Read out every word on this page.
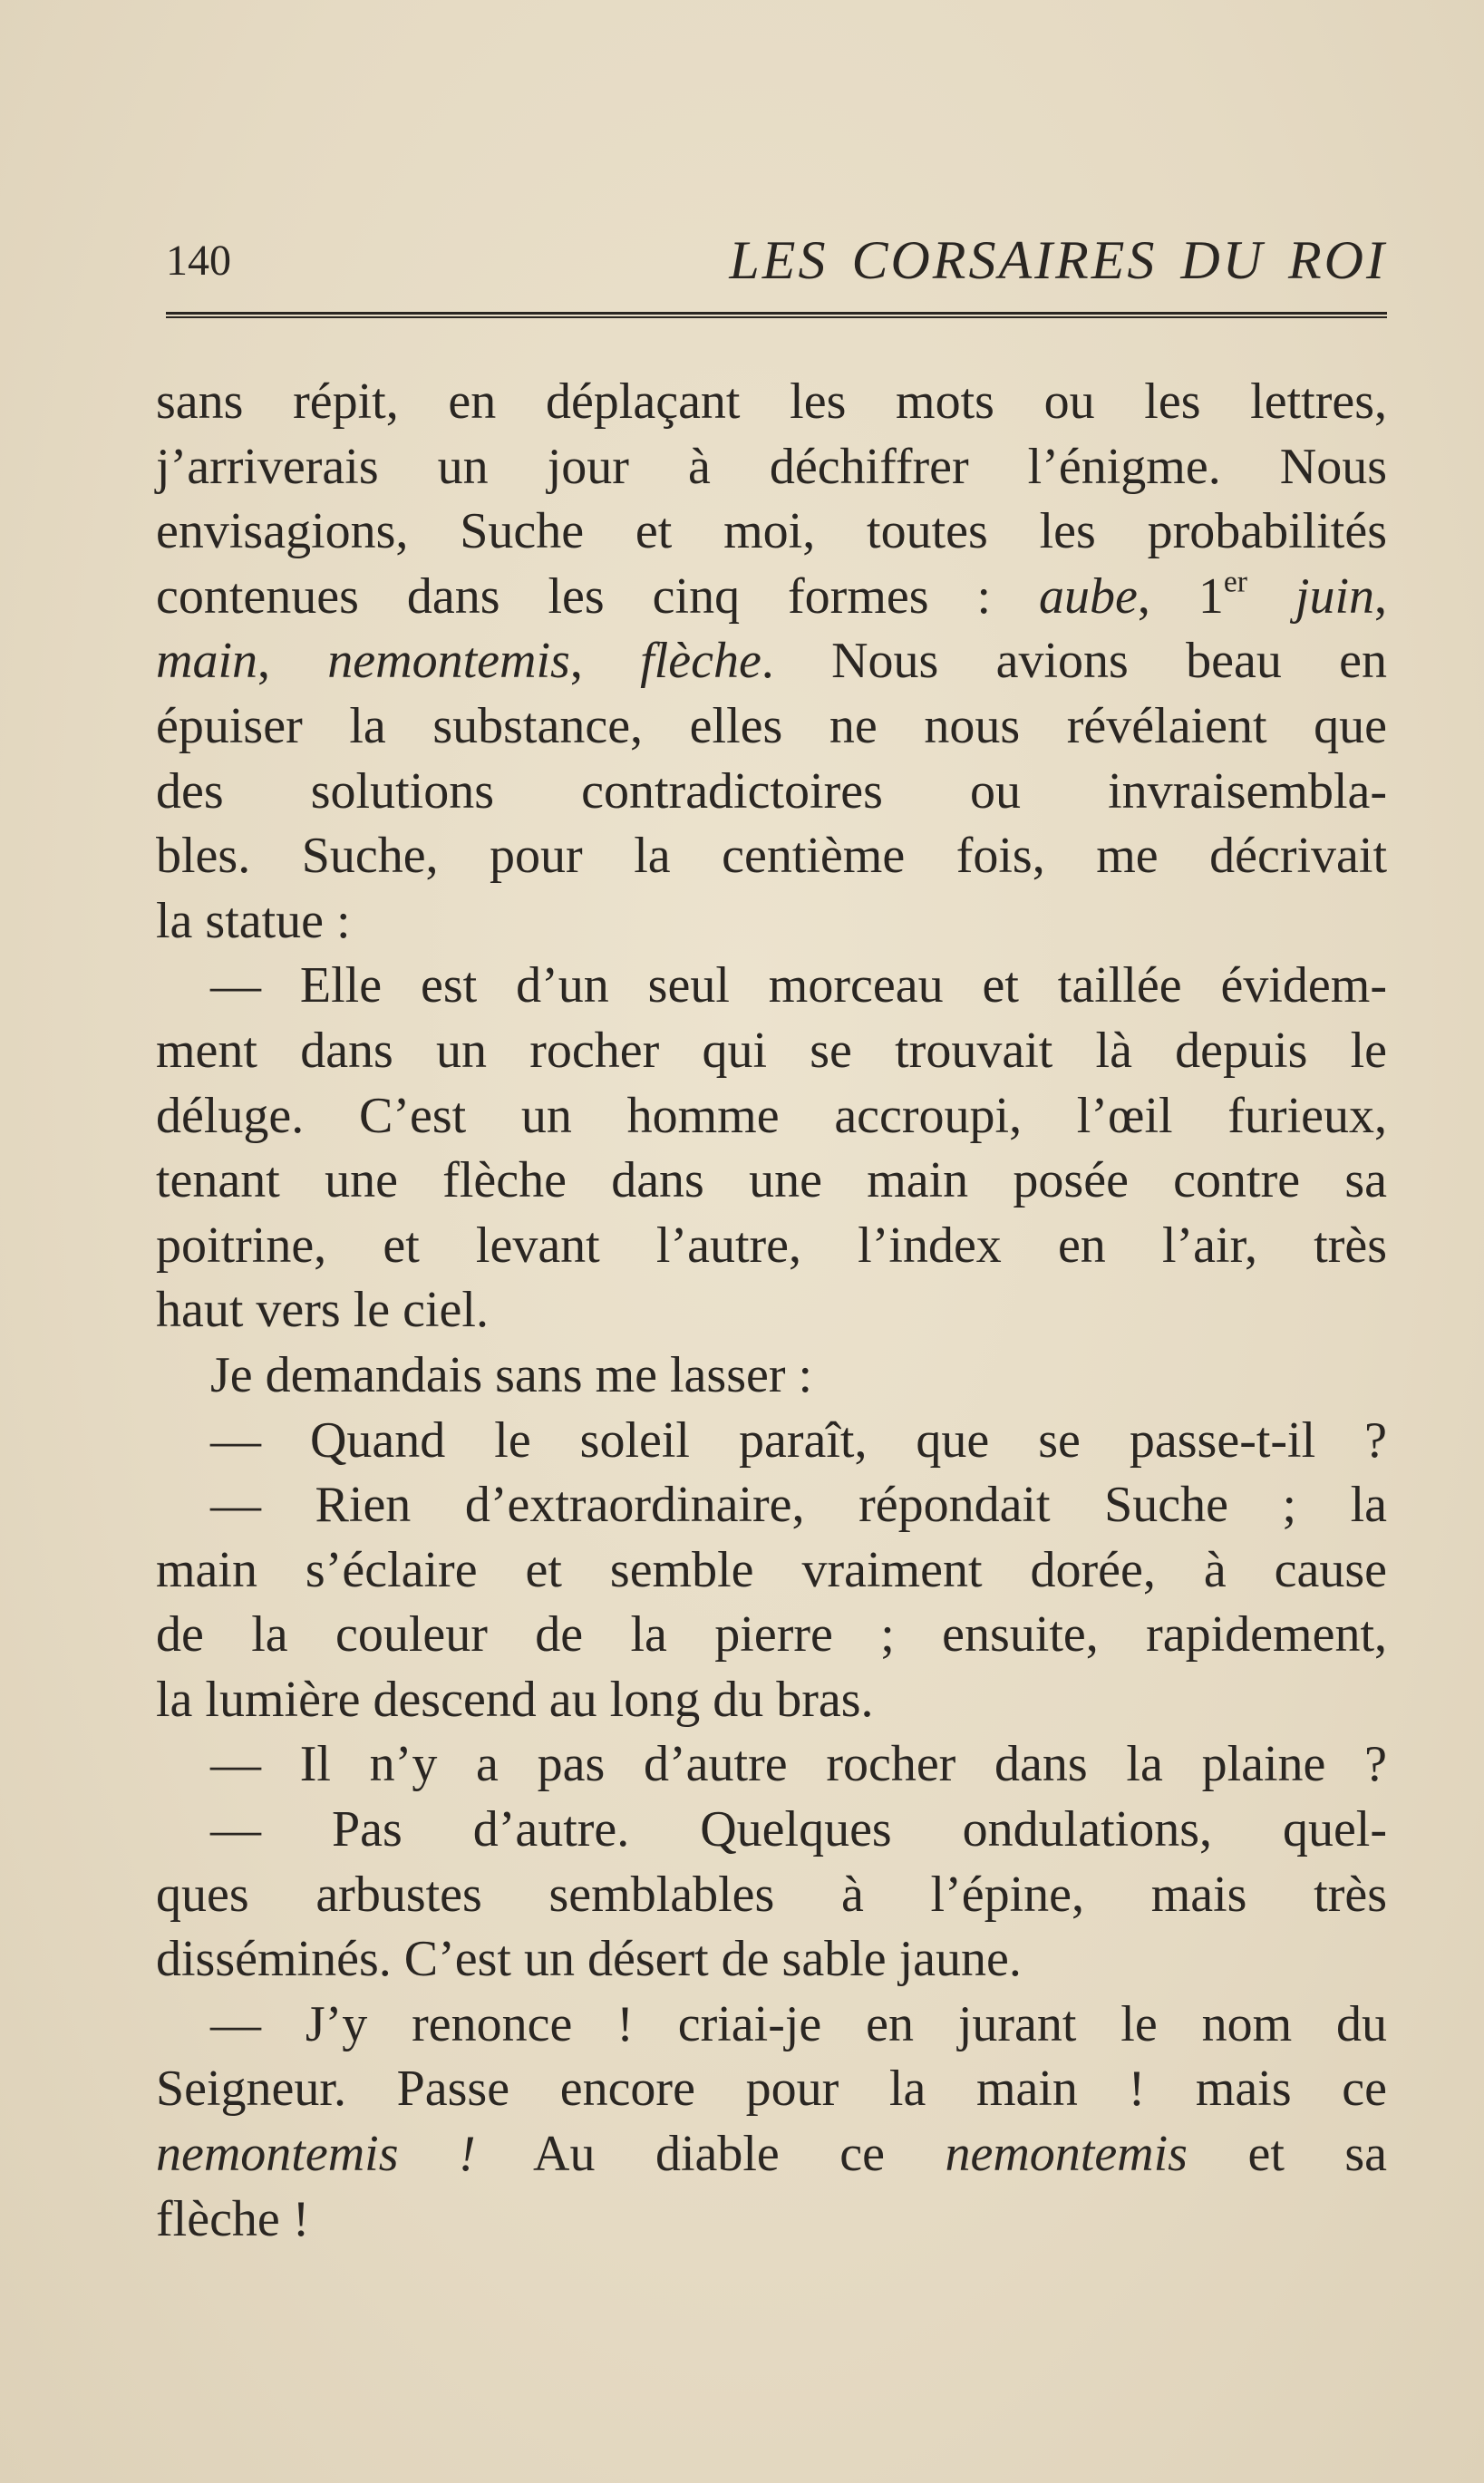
140	LES CORSAIRES DU ROI
sans répit, en déplaçant les mots ou les lettres,
j’arriverais un jour à déchiffrer l’énigme. Nous
envisagions, Suche et moi, toutes les probabilités
contenues dans les cinq formes : aube, 1er juin,
main, nemontemis, flèche. Nous avions beau en
épuiser la substance, elles ne nous révélaient que
des solutions contradictoires ou invraisembla-
bles. Suche, pour la centième fois, me décrivait
la statue :
— Elle est d’un seul morceau et taillée évidem-
ment dans un rocher qui se trouvait là depuis le
déluge. C’est un homme accroupi, l’œil furieux,
tenant une flèche dans une main posée contre sa
poitrine, et levant l’autre, l’index en l’air, très
haut vers le ciel.
Je demandais sans me lasser :
— Quand le soleil paraît, que se passe-t-il ?
— Rien d’extraordinaire, répondait Suche ; la
main s’éclaire et semble vraiment dorée, à cause
de la couleur de la pierre ; ensuite, rapidement,
la lumière descend au long du bras.
— Il n’y a pas d’autre rocher dans la plaine ?
— Pas d’autre. Quelques ondulations, quel-
ques arbustes semblables à l’épine, mais très
disséminés. C’est un désert de sable jaune.
— J’y renonce ! criai-je en jurant le nom du
Seigneur. Passe encore pour la main ! mais ce
nemontemis ! Au diable ce nemontemis et sa
flèche !
